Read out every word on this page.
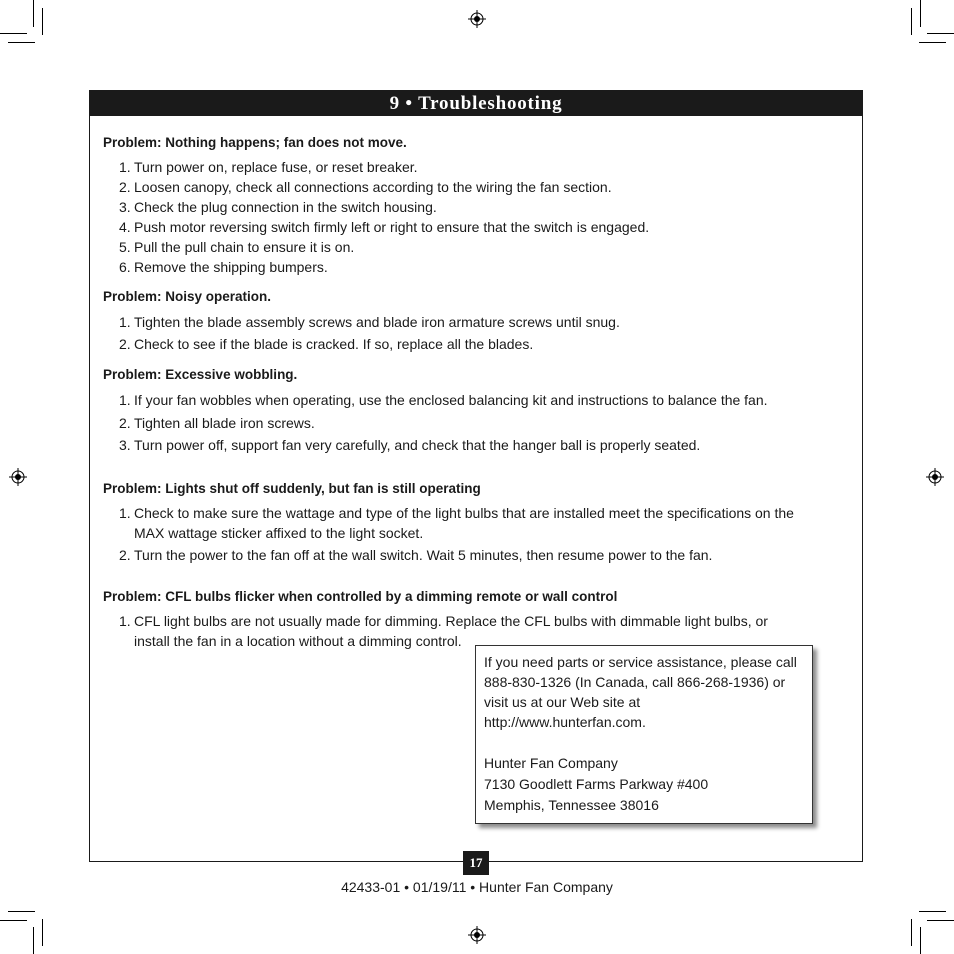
9 • Troubleshooting

Problem: Nothing happens; fan does not move.

1. Turn power on, replace fuse, or reset breaker.
2. Loosen canopy, check all connections according to the wiring the fan section.
3. Check the plug connection in the switch housing.
4. Push motor reversing switch firmly left or right to ensure that the switch is engaged.
5. Pull the pull chain to ensure it is on.
6. Remove the shipping bumpers.

Problem: Noisy operation.

1. Tighten the blade assembly screws and blade iron armature screws until snug.
2. Check to see if the blade is cracked. If so, replace all the blades.

Problem: Excessive wobbling.

1. If your fan wobbles when operating, use the enclosed balancing kit and instructions to balance the fan.
2. Tighten all blade iron screws.
3. Turn power off, support fan very carefully, and check that the hanger ball is properly seated.

Problem: Lights shut off suddenly, but fan is still operating

1. Check to make sure the wattage and type of the light bulbs that are installed meet the specifications on the MAX wattage sticker affixed to the light socket.
2. Turn the power to the fan off at the wall switch. Wait 5 minutes, then resume power to the fan.

Problem: CFL bulbs flicker when controlled by a dimming remote or wall control

1. CFL light bulbs are not usually made for dimming. Replace the CFL bulbs with dimmable light bulbs, or install the fan in a location without a dimming control.

If you need parts or service assistance, please call 888-830-1326 (In Canada, call 866-268-1936) or visit us at our Web site at http://www.hunterfan.com.

Hunter Fan Company

7130 Goodlett Farms Parkway #400

Memphis, Tennessee 38016

17
42433-01 • 01/19/11 • Hunter Fan Company
